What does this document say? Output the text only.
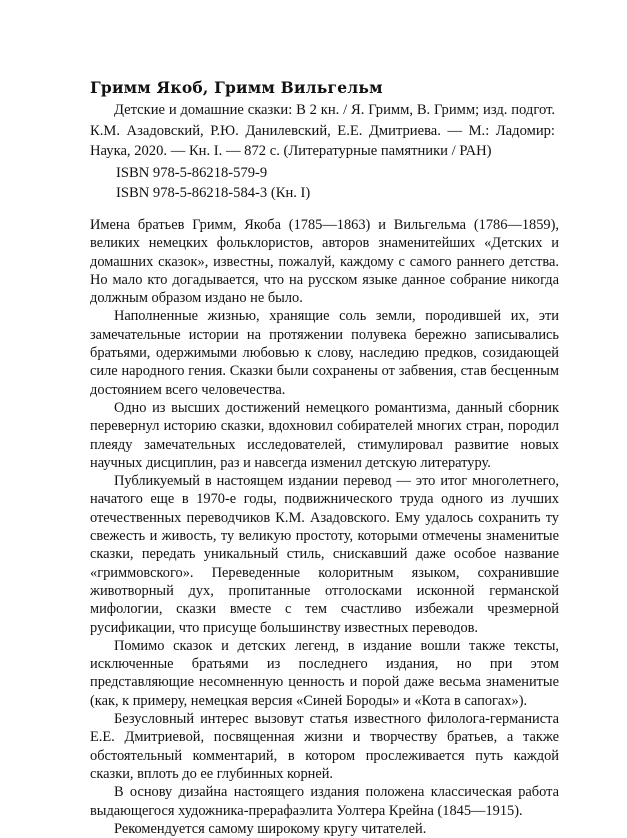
Гримм Якоб, Гримм Вильгельм

Детские и домашние сказки: В 2 кн. / Я. Гримм, В. Гримм; изд. подгот. К.М. Азадовский, Р.Ю. Данилевский, Е.Е. Дмитриева. — М.: Ладомир: Наука, 2020. — Кн. I. — 872 с. (Литературные памятники / РАН)

ISBN 978-5-86218-579-9

ISBN 978-5-86218-584-3 (Кн. I)

Имена братьев Гримм, Якоба (1785—1863) и Вильгельма (1786—1859), великих немецких фольклористов, авторов знаменитейших «Детских и домашних сказок», известны, пожалуй, каждому с самого раннего детства. Но мало кто догадывается, что на русском языке данное собрание никогда должным образом издано не было.

Наполненные жизнью, хранящие соль земли, породившей их, эти замечательные истории на протяжении полувека бережно записывались братьями, одержимыми любовью к слову, наследию предков, созидающей силе народного гения. Сказки были сохранены от забвения, став бесценным достоянием всего человечества.

Одно из высших достижений немецкого романтизма, данный сборник перевернул историю сказки, вдохновил собирателей многих стран, породил плеяду замечательных исследователей, стимулировал развитие новых научных дисциплин, раз и навсегда изменил детскую литературу.

Публикуемый в настоящем издании перевод — это итог многолетнего, начатого еще в 1970-е годы, подвижнического труда одного из лучших отечественных переводчиков К.М. Азадовского. Ему удалось сохранить ту свежесть и живость, ту великую простоту, которыми отмечены знаменитые сказки, передать уникальный стиль, снискавший даже особое название «гриммовского». Переведенные колоритным языком, сохранившие животворный дух, пропитанные отголосками исконной германской мифологии, сказки вместе с тем счастливо избежали чрезмерной русификации, что присуще большинству известных переводов.

Помимо сказок и детских легенд, в издание вошли также тексты, исключенные братьями из последнего издания, но при этом представляющие несомненную ценность и порой даже весьма знаменитые (как, к примеру, немецкая версия «Синей Бороды» и «Кота в сапогах»).

Безусловный интерес вызовут статья известного филолога-германиста Е.Е. Дмитриевой, посвященная жизни и творчеству братьев, а также обстоятельный комментарий, в котором прослеживается путь каждой сказки, вплоть до ее глубинных корней.

В основу дизайна настоящего издания положена классическая работа выдающегося художника-прерафаэлита Уолтера Крейна (1845—1915).

Рекомендуется самому широкому кругу читателей.
